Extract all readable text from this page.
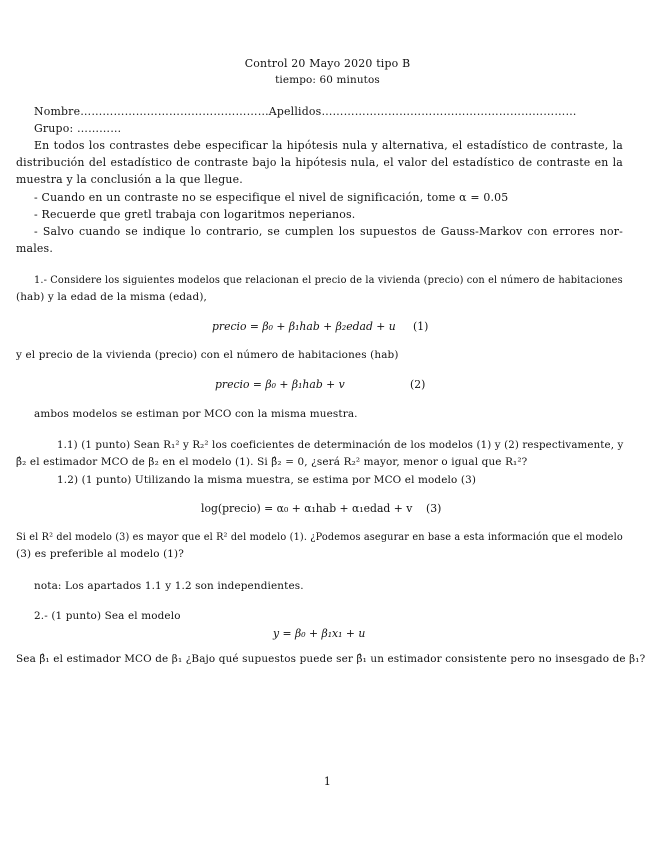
Control 20 Mayo 2020 tipo B
tiempo: 60 minutos
Nombre……………………………………………Apellidos……………………………………………………………
Grupo: …………
En todos los contrastes debe especificar la hipótesis nula y alternativa, el estadístico de contraste, la
distribución del estadístico de contraste bajo la hipótesis nula, el valor del estadístico de contraste en la
muestra y la conclusión a la que llegue.
- Cuando en un contraste no se especifique el nivel de significación, tome α = 0.05
- Recuerde que gretl trabaja con logaritmos neperianos.
- Salvo cuando se indique lo contrario, se cumplen los supuestos de Gauss-Markov con errores nor-
males.
1.- Considere los siguientes modelos que relacionan el precio de la vivienda (precio) con el número de habitaciones
(hab) y la edad de la misma (edad),
precio = β₀ + β₁hab + β₂edad + u (1)
y el precio de la vivienda (precio) con el número de habitaciones (hab)
precio = β₀ + β₁hab + v	(2)
ambos modelos se estiman por MCO con la misma muestra.
1.1) (1 punto) Sean R₁² y R₂² los coeficientes de determinación de los modelos (1) y (2) respectivamente, y
β̂₂ el estimador MCO de β₂ en el modelo (1). Si β̂₂ = 0, ¿será R₂² mayor, menor o igual que R₁²?
1.2) (1 punto) Utilizando la misma muestra, se estima por MCO el modelo (3)
log(precio) = α₀ + α₁hab + α₁edad + v (3)
Si el R² del modelo (3) es mayor que el R² del modelo (1). ¿Podemos asegurar en base a esta información que el modelo
(3) es preferible al modelo (1)?
nota: Los apartados 1.1 y 1.2 son independientes.
2.- (1 punto) Sea el modelo
y = β₀ + β₁x₁ + u
Sea β̂₁ el estimador MCO de β₁ ¿Bajo qué supuestos puede ser β̂₁ un estimador consistente pero no insesgado de β₁?
1
